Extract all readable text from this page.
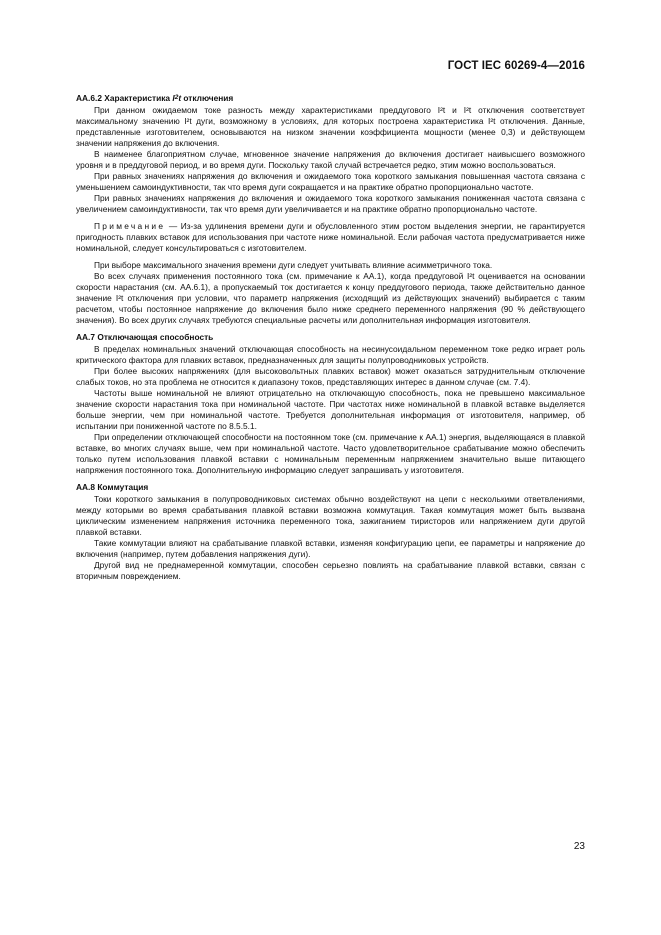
ГОСТ IEC 60269-4—2016
АА.6.2 Характеристика $I^2t$ отключения

При данном ожидаемом токе разность между характеристиками преддугового I²t и I²t отключения соответствует максимальному значению I²t дуги, возможному в условиях, для которых построена характеристика I²t отключения. Данные, представленные изготовителем, основываются на низком значении коэффициента мощности (менее 0,3) и действующем значении напряжения до включения.

В наименее благоприятном случае, мгновенное значение напряжения до включения достигает наивысшего возможного уровня и в преддуговой период, и во время дуги. Поскольку такой случай встречается редко, этим можно воспользоваться.

При равных значениях напряжения до включения и ожидаемого тока короткого замыкания повышенная частота связана с уменьшением самоиндуктивности, так что время дуги сокращается и на практике обратно пропорционально частоте.

При равных значениях напряжения до включения и ожидаемого тока короткого замыкания пониженная частота связана с увеличением самоиндуктивности, так что время дуги увеличивается и на практике обратно пропорционально частоте.

Примечание — Из-за удлинения времени дуги и обусловленного этим ростом выделения энергии, не гарантируется пригодность плавких вставок для использования при частоте ниже номинальной. Если рабочая частота предусматривается ниже номинальной, следует консультироваться с изготовителем.

При выборе максимального значения времени дуги следует учитывать влияние асимметричного тока.

Во всех случаях применения постоянного тока (см. примечание к АА.1), когда преддуговой I²t оценивается на основании скорости нарастания (см. АА.6.1), а пропускаемый ток достигается к концу преддугового периода, также действительно данное значение I²t отключения при условии, что параметр напряжения (исходящий из действующих значений) выбирается с таким расчетом, чтобы постоянное напряжение до включения было ниже среднего переменного напряжения (90 % действующего значения). Во всех других случаях требуются специальные расчеты или дополнительная информация изготовителя.

АА.7 Отключающая способность

В пределах номинальных значений отключающая способность на несинусоидальном переменном токе редко играет роль критического фактора для плавких вставок, предназначенных для защиты полупроводниковых устройств.

При более высоких напряжениях (для высоковольтных плавких вставок) может оказаться затруднительным отключение слабых токов, но эта проблема не относится к диапазону токов, представляющих интерес в данном случае (см. 7.4).

Частоты выше номинальной не влияют отрицательно на отключающую способность, пока не превышено максимальное значение скорости нарастания тока при номинальной частоте. При частотах ниже номинальной в плавкой вставке выделяется больше энергии, чем при номинальной частоте. Требуется дополнительная информация от изготовителя, например, об испытании при пониженной частоте по 8.5.5.1.

При определении отключающей способности на постоянном токе (см. примечание к АА.1) энергия, выделяющаяся в плавкой вставке, во многих случаях выше, чем при номинальной частоте. Часто удовлетворительное срабатывание можно обеспечить только путем использования плавкой вставки с номинальным переменным напряжением значительно выше питающего напряжения постоянного тока. Дополнительную информацию следует запрашивать у изготовителя.

АА.8 Коммутация

Токи короткого замыкания в полупроводниковых системах обычно воздействуют на цепи с несколькими ответвлениями, между которыми во время срабатывания плавкой вставки возможна коммутация. Такая коммутация может быть вызвана циклическим изменением напряжения источника переменного тока, зажиганием тиристоров или напряжением дуги другой плавкой вставки.

Такие коммутации влияют на срабатывание плавкой вставки, изменяя конфигурацию цепи, ее параметры и напряжение до включения (например, путем добавления напряжения дуги).

Другой вид не преднамеренной коммутации, способен серьезно повлиять на срабатывание плавкой вставки, связан с вторичным повреждением.

23
